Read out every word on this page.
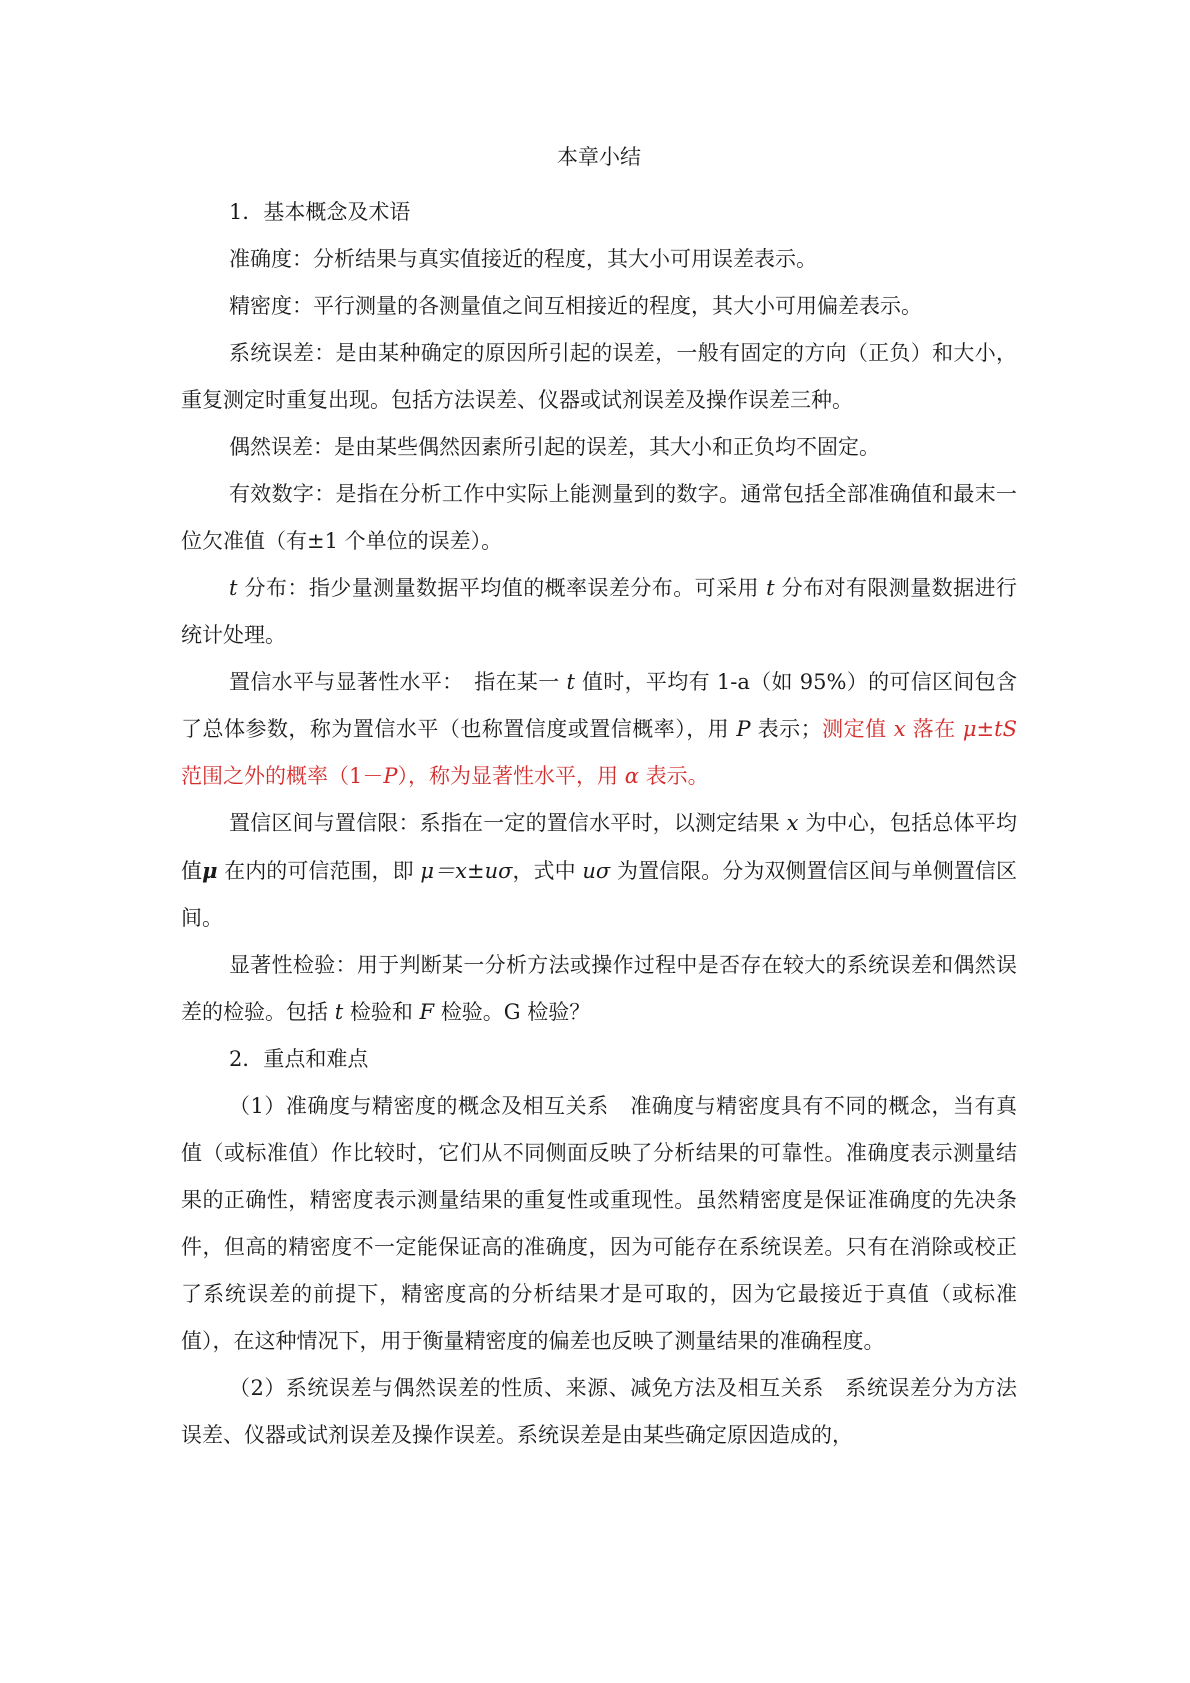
本章小结

1．基本概念及术语

准确度：分析结果与真实值接近的程度，其大小可用误差表示。

精密度：平行测量的各测量值之间互相接近的程度，其大小可用偏差表示。

系统误差：是由某种确定的原因所引起的误差，一般有固定的方向（正负）和大小，重复测定时重复出现。包括方法误差、仪器或试剂误差及操作误差三种。

偶然误差：是由某些偶然因素所引起的误差，其大小和正负均不固定。

有效数字：是指在分析工作中实际上能测量到的数字。通常包括全部准确值和最末一位欠准值（有±1 个单位的误差）。

t 分布：指少量测量数据平均值的概率误差分布。可采用 t 分布对有限测量数据进行统计处理。

置信水平与显著性水平：　指在某一 t 值时，平均有 1-a（如 95%）的可信区间包含了总体参数，称为置信水平（也称置信度或置信概率），用 P 表示；测定值 x 落在 μ±tS 范围之外的概率（1－P），称为显著性水平，用 α 表示。

置信区间与置信限：系指在一定的置信水平时，以测定结果 x 为中心，包括总体平均值μ 在内的可信范围，即 μ＝x±uσ，式中 uσ 为置信限。分为双侧置信区间与单侧置信区间。

显著性检验：用于判断某一分析方法或操作过程中是否存在较大的系统误差和偶然误差的检验。包括 t 检验和 F 检验。G 检验？

2．重点和难点

（1）准确度与精密度的概念及相互关系　准确度与精密度具有不同的概念，当有真值（或标准值）作比较时，它们从不同侧面反映了分析结果的可靠性。准确度表示测量结果的正确性，精密度表示测量结果的重复性或重现性。虽然精密度是保证准确度的先决条件，但高的精密度不一定能保证高的准确度，因为可能存在系统误差。只有在消除或校正了系统误差的前提下，精密度高的分析结果才是可取的，因为它最接近于真值（或标准值），在这种情况下，用于衡量精密度的偏差也反映了测量结果的准确程度。

（2）系统误差与偶然误差的性质、来源、减免方法及相互关系　系统误差分为方法误差、仪器或试剂误差及操作误差。系统误差是由某些确定原因造成的，
